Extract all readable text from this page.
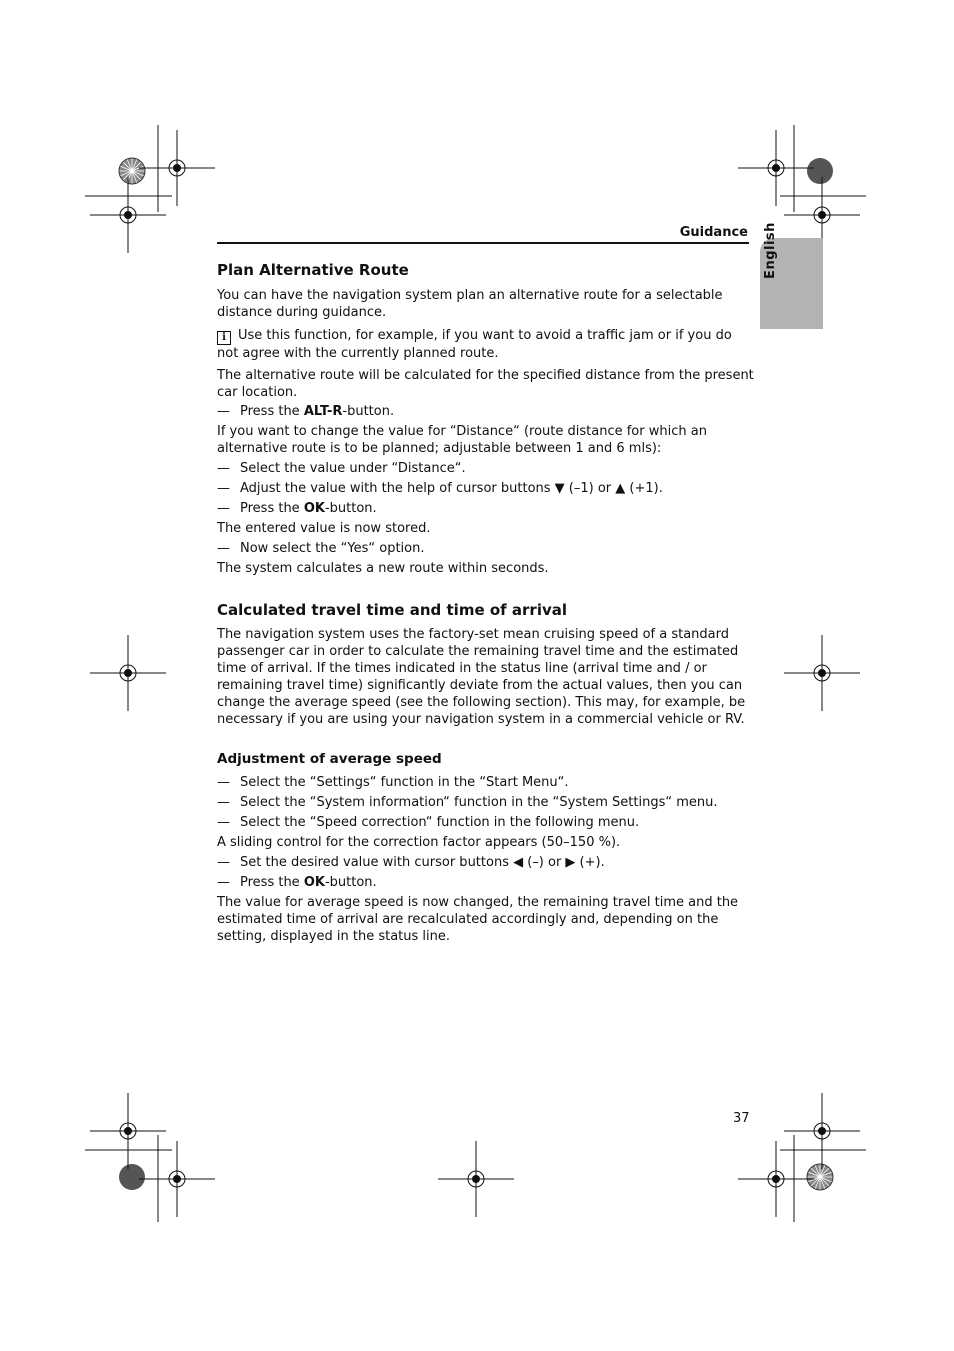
English
Guidance
Plan Alternative Route

You can have the navigation system plan an alternative route for a selectable distance during guidance.

i Use this function, for example, if you want to avoid a traffic jam or if you do not agree with the currently planned route.

The alternative route will be calculated for the specified distance from the present car location.

— Press the ALT-R-button.

If you want to change the value for “Distance“ (route distance for which an alternative route is to be planned; adjustable between 1 and 6 mls):

— Select the value under “Distance“.
— Adjust the value with the help of cursor buttons ▼ (–1) or ▲ (+1).
— Press the OK-button.

The entered value is now stored.

— Now select the “Yes“ option.

The system calculates a new route within seconds.

Calculated travel time and time of arrival

The navigation system uses the factory-set mean cruising speed of a standard passenger car in order to calculate the remaining travel time and the estimated time of arrival. If the times indicated in the status line (arrival time and / or remaining travel time) significantly deviate from the actual values, then you can change the average speed (see the following section). This may, for example, be necessary if you are using your navigation system in a commercial vehicle or RV.

Adjustment of average speed
— Select the “Settings“ function in the “Start Menu“.
— Select the “System information“ function in the “System Settings“ menu.
— Select the “Speed correction“ function in the following menu.

A sliding control for the correction factor appears (50–150 %).

— Set the desired value with cursor buttons ◀ (–) or ▶ (+).
— Press the OK-button.

The value for average speed is now changed, the remaining travel time and the estimated time of arrival are recalculated accordingly and, depending on the setting, displayed in the status line.

37
